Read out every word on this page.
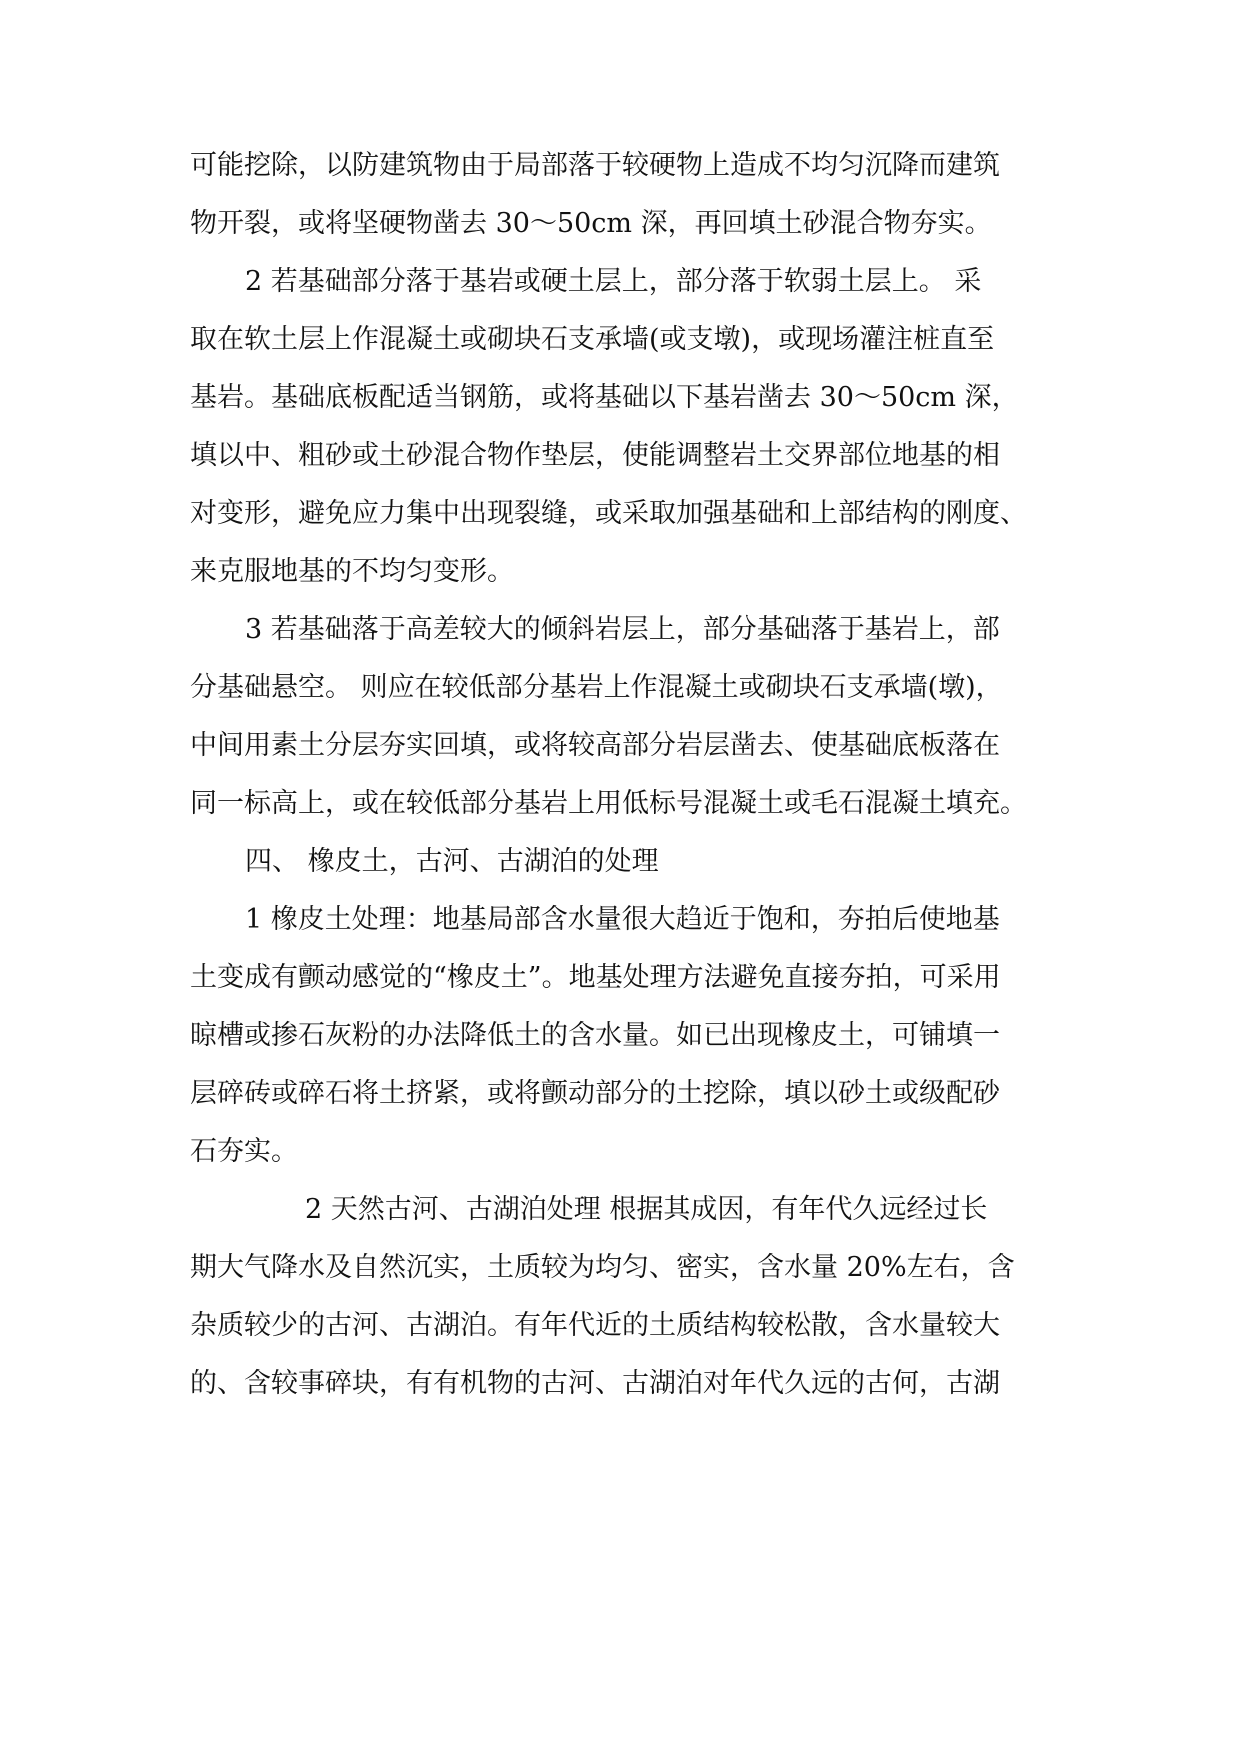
可能挖除，以防建筑物由于局部落于较硬物上造成不均匀沉降而建筑
物开裂，或将坚硬物凿去 30～50cm 深，再回填土砂混合物夯实。
2 若基础部分落于基岩或硬土层上，部分落于软弱土层上。 采
取在软土层上作混凝土或砌块石支承墙(或支墩)，或现场灌注桩直至
基岩。基础底板配适当钢筋，或将基础以下基岩凿去 30～50cm 深，
填以中、粗砂或土砂混合物作垫层，使能调整岩土交界部位地基的相
对变形，避免应力集中出现裂缝，或采取加强基础和上部结构的刚度、
来克服地基的不均匀变形。
3 若基础落于高差较大的倾斜岩层上，部分基础落于基岩上，部
分基础悬空。 则应在较低部分基岩上作混凝土或砌块石支承墙(墩)，
中间用素土分层夯实回填，或将较高部分岩层凿去、使基础底板落在
同一标高上，或在较低部分基岩上用低标号混凝土或毛石混凝土填充。
四、 橡皮土，古河、古湖泊的处理
1 橡皮土处理：地基局部含水量很大趋近于饱和，夯拍后使地基
土变成有颤动感觉的“橡皮土”。地基处理方法避免直接夯拍，可采用
晾槽或掺石灰粉的办法降低土的含水量。如已出现橡皮土，可铺填一
层碎砖或碎石将土挤紧，或将颤动部分的土挖除，填以砂土或级配砂
石夯实。
2 天然古河、古湖泊处理 根据其成因，有年代久远经过长
期大气降水及自然沉实，土质较为均匀、密实，含水量 20%左右，含
杂质较少的古河、古湖泊。有年代近的土质结构较松散，含水量较大
的、含较事碎块，有有机物的古河、古湖泊对年代久远的古何，古湖
